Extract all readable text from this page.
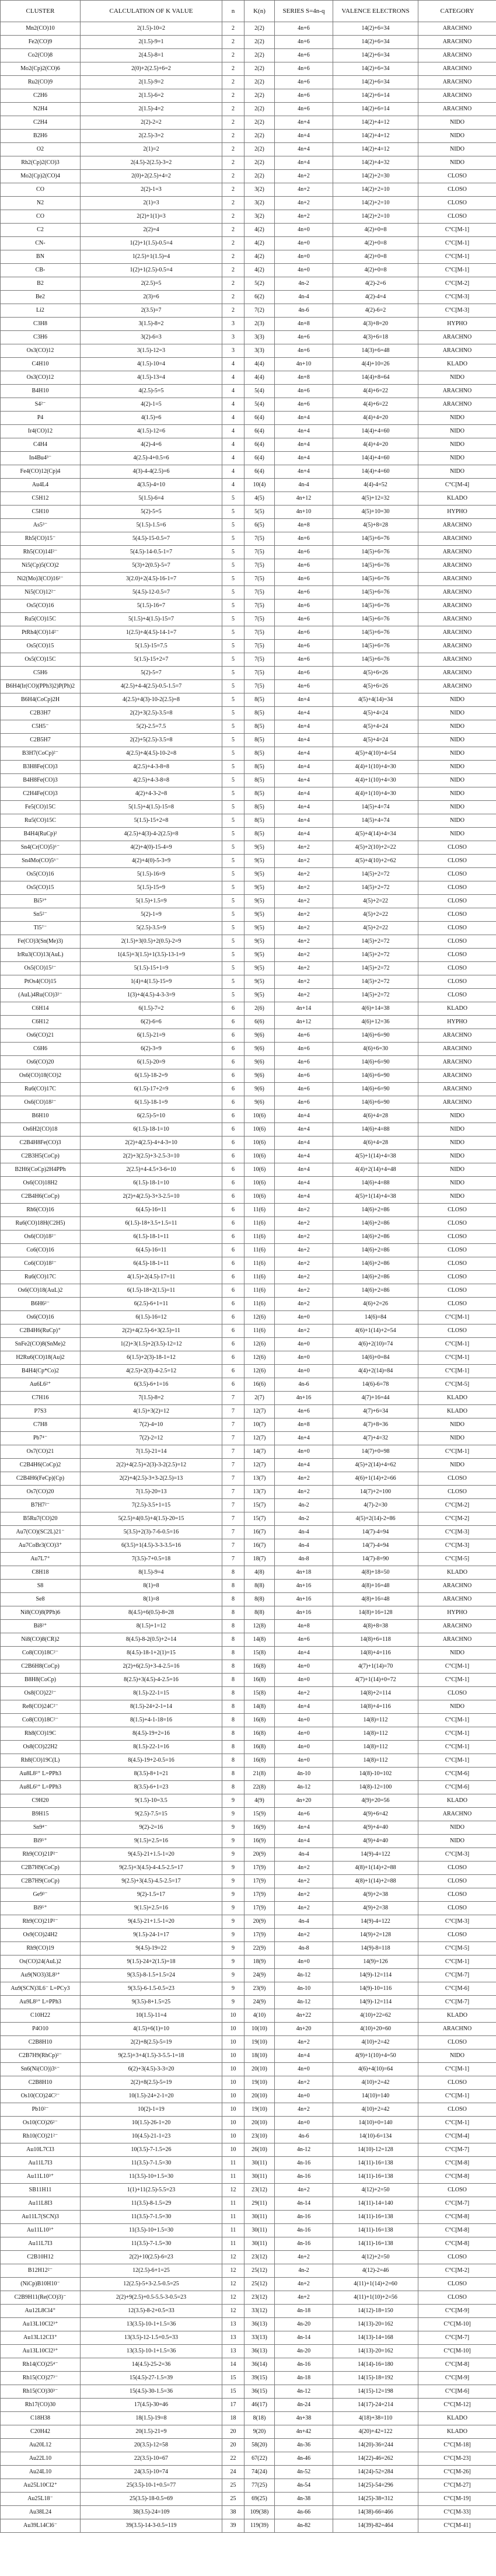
CLUSTER	CALCULATION OF K VALUE	n	K(n)	SERIES S=4n-q	VALENCE ELECTRONS	CATEGORY
Mn2(CO)10	2(1.5)-10=2	2	2(2)	4n+6	14(2)+6=34	ARACHNO
Fe2(CO)9	2(1.5)-9=1	2	2(2)	4n+6	14(2)+6=34	ARACHNO
Co2(CO)8	2(4.5)-8=1	2	2(2)	4n+6	14(2)+6=34	ARACHNO
Mo2(Cp)2(CO)6	2(0)+2(2.5)+6=2	2	2(2)	4n+6	14(2)+6=34	ARACHNO
Ru2(CO)9	2(1.5)-9=2	2	2(2)	4n+6	14(2)+6=34	ARACHNO
C2H6	2(1.5)-6=2	2	2(2)	4n+6	14(2)+6=14	ARACHNO
N2H4	2(1.5)-4=2	2	2(2)	4n+6	14(2)+6=14	ARACHNO
C2H4	2(2)-2=2	2	2(2)	4n+4	14(2)+4=12	NIDO
B2H6	2(2.5)-3=2	2	2(2)	4n+4	14(2)+4=12	NIDO
O2	2(1)=2	2	2(2)	4n+4	14(2)+4=12	NIDO
Rh2(Cp)2(CO)3	2(4.5)-2(2.5)-3=2	2	2(2)	4n+4	14(2)+4=32	NIDO
Mo2(Cp)2(CO)4	2(0)+2(2.5)+4=2	2	2(2)	4n+2	14(2)+2=30	CLOSO
CO	2(2)-1=3	2	3(2)	4n+2	14(2)+2=10	CLOSO
N2	2(1)=3	2	3(2)	4n+2	14(2)+2=10	CLOSO
CO	2(2)+1(1)=3	2	3(2)	4n+2	14(2)+2=10	CLOSO
C2	2(2)=4	2	4(2)	4n+0	4(2)+0=8	C°C[M-1]
CN-	1(2)+1(1.5)-0.5=4	2	4(2)	4n+0	4(2)+0=8	C°C[M-1]
BN	1(2.5)+1(1.5)=4	2	4(2)	4n+0	4(2)+0=8	C°C[M-1]
CB-	1(2)+1(2.5)-0.5=4	2	4(2)	4n+0	4(2)+0=8	C°C[M-1]
B2	2(2.5)=5	2	5(2)	4n-2	4(2)-2=6	C°C[M-2]
Be2	2(3)=6	2	6(2)	4n-4	4(2)-4=4	C°C[M-3]
Li2	2(3.5)=7	2	7(2)	4n-6	4(2)-6=2	C°C[M-3]
C3H8	3(1.5)-8=2	3	2(3)	4n+8	4(3)+8=20	HYPHO
C3H6	3(2)-6=3	3	3(3)	4n+6	4(3)+6=18	ARACHNO
Os3(CO)12	3(1.5)-12=3	3	3(3)	4n+6	14(3)+6=48	ARACHNO
C4H10	4(1.5)-10=4	4	4(4)	4n+10	4(4)+10=26	KLADO
Os3(CO)12	4(1.5)-13=4	4	4(4)	4n+8	14(4)+8=64	NIDO
B4H10	4(2.5)-5=5	4	5(4)	4n+6	4(4)+6=22	ARACHNO
S4²⁻	4(2)-1=5	4	5(4)	4n+6	4(4)+6=22	ARACHNO
P4	4(1.5)=6	4	6(4)	4n+4	4(4)+4=20	NIDO
Ir4(CO)12	4(1.5)-12=6	4	6(4)	4n+4	14(4)+4=60	NIDO
C4H4	4(2)-4=6	4	6(4)	4n+4	4(4)+4=20	NIDO
In4Bu4³⁻	4(2.5)-4+0.5=6	4	6(4)	4n+4	14(4)+4=60	NIDO
Fe4(CO)12(Cp)4	4(3)-4-4(2.5)=6	4	6(4)	4n+4	14(4)+4=60	NIDO
Au4L4	4(3.5)-4=10	4	10(4)	4n-4	4(4)-4=52	C°C[M-4]
C5H12	5(1.5)-6=4	5	4(5)	4n+12	4(5)+12=32	KLADO
C5H10	5(2)-5=5	5	5(5)	4n+10	4(5)+10=30	HYPHO
As5³⁻	5(1.5)-1.5=6	5	6(5)	4n+8	4(5)+8=28	ARACHNO
Rh5(CO)15⁻	5(4.5)-15-0.5=7	5	7(5)	4n+6	14(5)+6=76	ARACHNO
Rh5(CO)14I²⁻	5(4.5)-14-0.5-1=7	5	7(5)	4n+6	14(5)+6=76	ARACHNO
Ni5(Cp)5(CO)2	5(3)+2(0.5)-5=7	5	7(5)	4n+6	14(5)+6=76	ARACHNO
Ni2(Mo)3(CO)16²⁻	3(2.0)+2(4.5)-16-1=7	5	7(5)	4n+6	14(5)+6=76	ARACHNO
Ni5(CO)12²⁻	5(4.5)-12-0.5=7	5	7(5)	4n+6	14(5)+6=76	ARACHNO
Os5(CO)16	5(1.5)-16=7	5	7(5)	4n+6	14(5)+6=76	ARACHNO
Ru5(CO)15C	5(1.5)+4(1.5)-15=7	5	7(5)	4n+6	14(5)+6=76	ARACHNO
PtRh4(CO)14²⁻	1(2.5)+4(4.5)-14-1=7	5	7(5)	4n+6	14(5)+6=76	ARACHNO
Os5(CO)15	5(1.5)-15=7.5	5	7(5)	4n+6	14(5)+6=76	ARACHNO
Os5(CO)15C	5(1.5)-15+2=7	5	7(5)	4n+6	14(5)+6=76	ARACHNO
C5H6	5(2)-5=7	5	7(5)	4n+6	4(5)+6=26	ARACHNO
B6H4(Ir(CO)(PPh3)2)P(Ph)2	4(2.5)+4-4(2.5)-0.5-1.5=7	5	7(5)	4n+6	4(5)+6=26	ARACHNO
B6H4(CoCp)2H	4(2.5)+4(3)-10-2(2.5)=8	5	8(5)	4n+4	4(5)+4(14)=34	NIDO
C2B3H7	2(2)+3(2.5)-3.5=8	5	8(5)	4n+4	4(5)+4=24	NIDO
C5H5⁻	5(2)-2.5=7.5	5	8(5)	4n+4	4(5)+4=24	NIDO
C2B5H7	2(2)+5(2.5)-3.5=8	5	8(5)	4n+4	4(5)+4=24	NIDO
B3H7(CoCp)²⁻	4(2.5)+4(4.5)-10-2=8	5	8(5)	4n+4	4(5)+4(10)+4=54	NIDO
B3H8Fe(CO)3	4(2.5)+4-3-8=8	5	8(5)	4n+4	4(4)+1(10)+4=30	NIDO
B4H8Fe(CO)3	4(2.5)+4-3-8=8	5	8(5)	4n+4	4(4)+1(10)+4=30	NIDO
C2H4Fe(CO)3	4(2)+4-3-2=8	5	8(5)	4n+4	4(4)+1(10)+4=30	NIDO
Fe5(CO)15C	5(1.5)+4(1.5)-15=8	5	8(5)	4n+4	14(5)+4=74	NIDO
Ru5(CO)15C	5(1.5)-15+2=8	5	8(5)	4n+4	14(5)+4=74	NIDO
B4H4(RuCp)²	4(2.5)+4(3)-4-2(2.5)=8	5	8(5)	4n+4	4(5)+4(14)+4=34	NIDO
Sn4(Cr(CO)5)⁶⁻	4(2)+4(0)-15-4=9	5	9(5)	4n+2	4(5)+2(10)+2=22	CLOSO
Sn4Mo(CO)5⁶⁻	4(2)+4(0)-5-3=9	5	9(5)	4n+2	4(5)+4(10)+2=62	CLOSO
Os5(CO)16	5(1.5)-16=9	5	9(5)	4n+2	14(5)+2=72	CLOSO
Os5(CO)15	5(1.5)-15=9	5	9(5)	4n+2	14(5)+2=72	CLOSO
Bi5³⁺	5(1.5)+1.5=9	5	9(5)	4n+2	4(5)+2=22	CLOSO
Sn5²⁻	5(2)-1=9	5	9(5)	4n+2	4(5)+2=22	CLOSO
Tl5⁷⁻	5(2.5)-3.5=9	5	9(5)	4n+2	4(5)+2=22	CLOSO
Fe(CO)3(Sn(Me)3)	2(1.5)+3(0.5)+2(0.5)-2=9	5	9(5)	4n+2	14(5)+2=72	CLOSO
IrRu3(CO)13(AuL)	1(4.5)+3(1.5)+1(3.5)-13-1=9	5	9(5)	4n+2	14(5)+2=72	CLOSO
Os5(CO)15²⁻	5(1.5)-15+1=9	5	9(5)	4n+2	14(5)+2=72	CLOSO
PtOs4(CO)15	1(4)+4(1.5)-15=9	5	9(5)	4n+2	14(5)+2=72	CLOSO
(AuL)4Ru(CO)3²⁻	1(3)+4(4.5)-4-3-3=9	5	9(5)	4n+2	14(5)+2=72	CLOSO
C6H14	6(1.5)-7=2	6	2(6)	4n+14	4(6)+14=38	KLADO
C6H12	6(2)-6=6	6	6(6)	4n+12	4(6)+12=36	HYPHO
Os6(CO)21	6(1.5)-21=9	6	9(6)	4n+6	14(6)+6=90	ARACHNO
C6H6	6(2)-3=9	6	9(6)	4n+6	4(6)+6=30	ARACHNO
Os6(CO)20	6(1.5)-20=9	6	9(6)	4n+6	14(6)+6=90	ARACHNO
Os6(CO)18(CO)2	6(1.5)-18-2=9	6	9(6)	4n+6	14(6)+6=90	ARACHNO
Ru6(CO)17C	6(1.5)-17+2=9	6	9(6)	4n+6	14(6)+6=90	ARACHNO
Os6(CO)18²⁻	6(1.5)-18-1=9	6	9(6)	4n+6	14(6)+6=90	ARACHNO
B6H10	6(2.5)-5=10	6	10(6)	4n+4	4(6)+4=28	NIDO
Os6H2(CO)18	6(1.5)-18-1=10	6	10(6)	4n+4	14(6)+4=88	NIDO
C2B4H8Fe(CO)3	2(2)+4(2.5)-4+4-3=10	6	10(6)	4n+4	4(6)+4=28	NIDO
C2B3H5(CoCp)	2(2)+3(2.5)+3-2.5-3=10	6	10(6)	4n+4	4(5)+1(14)+4=38	NIDO
B2H6(CoCp)2H4PPh	2(2.5)+4-4.5+3-6=10	6	10(6)	4n+4	4(4)+2(14)+4=48	NIDO
Os6(CO)18H2	6(1.5)-18-1=10	6	10(6)	4n+4	14(6)+4=88	NIDO
C2B4H6(CoCp)	2(2)+4(2.5)-3+3-2.5=10	6	10(6)	4n+4	4(5)+1(14)+4=38	NIDO
Rh6(CO)16	6(4.5)-16=11	6	11(6)	4n+2	14(6)+2=86	CLOSO
Ru6(CO)18H(C2H5)	6(1.5)-18+3.5+1.5=11	6	11(6)	4n+2	14(6)+2=86	CLOSO
Os6(CO)18²⁻	6(1.5)-18-1=11	6	11(6)	4n+2	14(6)+2=86	CLOSO
Co6(CO)16	6(4.5)-16=11	6	11(6)	4n+2	14(6)+2=86	CLOSO
Co6(CO)18²⁻	6(4.5)-18-1=11	6	11(6)	4n+2	14(6)+2=86	CLOSO
Ru6(CO)17C	4(1.5)+2(4.5)-17=11	6	11(6)	4n+2	14(6)+2=86	CLOSO
Os6(CO)18(AuL)2	6(1.5)-18+2(1.5)=11	6	11(6)	4n+2	14(6)+2=86	CLOSO
B6H6²⁻	6(2.5)-6+1=11	6	11(6)	4n+2	4(6)+2=26	CLOSO
Os6(CO)16	6(1.5)-16=12	6	12(6)	4n+0	14(6)=84	C°C[M-1]
C2B4H6(RuCp)⁺	2(2)+4(2.5)-6+3(2.5)=11	6	11(6)	4n+2	4(6)+1(14)+2=54	CLOSO
SnFe2(CO)8(SnMe)2	1(2)+3(1.5)+2(3.5)-12=12	6	12(6)	4n+0	4(6)+2(10)=74	C°C[M-1]
H2Ru6(CO)18(Au)2	6(1.5)+2(3)-18-1=12	6	12(6)	4n+0	14(6)+0=84	C°C[M-1]
B4H4(Cp*Co)2	4(2.5)+2(3)-4-2.5=12	6	12(6)	4n+0	4(4)+2(14)=84	C°C[M-1]
Au6L6²⁺	6(3.5)-6+1=16	6	16(6)	4n-6	14(6)-6=78	C°C[M-5]
C7H16	7(1.5)-8=2	7	2(7)	4n+16	4(7)+16=44	KLADO
P7S3	4(1.5)+3(2)=12	7	12(7)	4n+6	4(7)+6=34	KLADO
C7H8	7(2)-4=10	7	10(7)	4n+8	4(7)+8=36	NIDO
Pb7⁴⁻	7(2)-2=12	7	12(7)	4n+4	4(7)+4=32	NIDO
Os7(CO)21	7(1.5)-21=14	7	14(7)	4n+0	14(7)+0=98	C°C[M-1]
C2B4H6(CoCp)2	2(2)+4(2.5)+2(3)-3-2(2.5)=12	7	12(7)	4n+4	4(5)+2(14)+4=62	NIDO
C2B4H6(FeCp)(Cp)	2(2)+4(2.5)-3+3-2(2.5)=13	7	13(7)	4n+2	4(6)+1(14)+2=66	CLOSO
Os7(CO)20	7(1.5)-20=13	7	13(7)	4n+2	14(7)+2=100	CLOSO
B7H7²⁻	7(2.5)-3.5+1=15	7	15(7)	4n-2	4(7)-2=30	C°C[M-2]
B5Ru7(CO)20	5(2.5)+4(0.5)+4(1.5)-20=15	7	15(7)	4n-2	4(5)+2(14)-2=86	C°C[M-2]
Au7(CO)(SC2L)21⁻	5(3.5)+2(3)-7-6-0.5=16	7	16(7)	4n-4	14(7)-4=94	C°C[M-3]
Au7CoBr3(CO)3⁺	6(3.5)+1(4.5)-3-3-3.5=16	7	16(7)	4n-4	14(7)-4=94	C°C[M-3]
Au7L7⁺	7(3.5)-7+0.5=18	7	18(7)	4n-8	14(7)-8=90	C°C[M-5]
C8H18	8(1.5)-9=4	8	4(8)	4n+18	4(8)+18=50	KLADO
S8	8(1)=8	8	8(8)	4n+16	4(8)+16=48	ARACHNO
Se8	8(1)=8	8	8(8)	4n+16	4(8)+16=48	ARACHNO
Ni8(CO)8(PPh)6	8(4.5)+6(0.5)-8=28	8	8(8)	4n+16	14(8)+16=128	HYPHO
Bi8²⁺	8(1.5)+1=12	8	12(8)	4n+8	4(8)+8=38	ARACHNO
Ni8(CO)8(CR)2	8(4.5)-8-2(0.5)+2=14	8	14(8)	4n+6	14(8)+6=118	ARACHNO
Co8(CO)18C²⁻	8(4.5)-18-1+2(1)=15	8	15(8)	4n+4	14(8)+4=116	NIDO
C2B6H8(CoCp)	2(2)+6(2.5)+3-4-2.5=16	8	16(8)	4n+0	4(7)+1(14)=70	C°C[M-1]
B8H8(CoCp)	8(2.5)+3(4.5)-4-2.5=16	8	16(8)	4n+0	4(7)+1(14)+0=72	C°C[M-1]
Os8(CO)22²⁻	8(1.5)-22-1=15	8	15(8)	4n+2	14(8)+2=114	CLOSO
Re8(CO)24C²⁻	8(1.5)-24+2-1=14	8	14(8)	4n+4	14(8)+4=116	NIDO
Co8(CO)18C²⁻	8(1.5)+4-1-18=16	8	16(8)	4n+0	14(8)=112	C°C[M-1]
Rh8(CO)19C	8(4.5)-19+2=16	8	16(8)	4n+0	14(8)=112	C°C[M-1]
Os8(CO)22H2	8(1.5)-22-1=16	8	16(8)	4n+0	14(8)=112	C°C[M-1]
Rh8(CO)19C(L)	8(4.5)-19+2-0.5=16	8	16(8)	4n+0	14(8)=112	C°C[M-1]
Au8L8²⁺ L=PPh3	8(3.5)-8+1=21	8	21(8)	4n-10	14(8)-10=102	C°C[M-6]
Au8L6²⁺ L=PPh3	8(3.5)-6+1=23	8	22(8)	4n-12	14(8)-12=100	C°C[M-6]
C9H20	9(1.5)-10=3.5	9	4(9)	4n+20	4(9)+20=56	KLADO
B9H15	9(2.5)-7.5=15	9	15(9)	4n+6	4(9)+6=42	ARACHNO
Sn9⁴⁻	9(2)-2=16	9	16(9)	4n+4	4(9)+4=40	NIDO
Bi9⁵⁺	9(1.5)+2.5=16	9	16(9)	4n+4	4(9)+4=40	NIDO
Rh9(CO)21P²⁻	9(4.5)-21+1.5-1=20	9	20(9)	4n-4	14(9)-4=122	C°C[M-3]
C2B7H9(CoCp)	9(2.5)+3(4.5)-4-4.5-2.5=17	9	17(9)	4n+2	4(8)+1(14)+2=88	CLOSO
C2B7H9(CoCp)	9(2.5)+3(4.5)-4.5-2.5=17	9	17(9)	4n+2	4(8)+1(14)+2=88	CLOSO
Ge9³⁻	9(2)-1.5=17	9	17(9)	4n+2	4(9)+2=38	CLOSO
Bi9⁵⁺	9(1.5)+2.5=16	9	17(9)	4n+2	4(9)+2=38	CLOSO
Rh9(CO)21P²⁻	9(4.5)-21+1.5-1=20	9	20(9)	4n-4	14(9)-4=122	C°C[M-3]
Os9(CO)24H2	9(1.5)-24-1=17	9	17(9)	4n+2	14(9)+2=128	CLOSO
Rh9(CO)19	9(4.5)-19=22	9	22(9)	4n-8	14(9)-8=118	C°C[M-5]
Os(CO)24(AuL)2	9(1.5)-24+2(1.5)=18	9	18(9)	4n+0	14(9)=126	C°C[M-1]
Au9(NO3)3L8³⁺	9(3.5)-8-1.5+1.5=24	9	24(9)	4n-12	14(9)-12=114	C°C[M-7]
Au9(SCN)3L6⁻ L=PCy3	9(3.5)-6-1.5-0.5=23	9	23(9)	4n-10	14(9)-10=116	C°C[M-6]
Au9L8³⁺ L=PPh3	9(3.5)-8+1.5=25	9	24(9)	4n-12	14(9)-12=114	C°C[M-7]
C10H22	10(1.5)-11=4	10	4(10)	4n+22	4(10)+22=62	KLADO
P4O10	4(1.5)+6(1)=10	10	10(10)	4n+20	4(10)+20=60	ARACHNO
C2B8H10	2(2)+8(2.5)-5=19	10	19(10)	4n+2	4(10)+2=42	CLOSO
C2B7H9(RhCp)²⁻	9(2.5)+3+4(1.5)-3-5.5-1=18	10	18(10)	4n+4	4(9)+1(10)+4=50	NIDO
Sn6(Ni(CO))3⁶⁻	6(2)+3(4.5)-3-3=20	10	20(10)	4n+0	4(6)+4(10)=64	C°C[M-1]
C2B8H10	2(2)+8(2.5)-5=19	10	19(10)	4n+2	4(10)+2=42	CLOSO
Os10(CO)24C²⁻	10(1.5)-24+2-1=20	10	20(10)	4n+0	14(10)=140	C°C[M-1]
Pb10²⁻	10(2)-1=19	10	19(10)	4n+2	4(10)+2=42	CLOSO
Os10(CO)26²⁻	10(1.5)-26-1=20	10	20(10)	4n+0	14(10)+0=140	C°C[M-1]
Rh10(CO)21²⁻	10(4.5)-21-1=23	10	23(10)	4n-6	14(10)-6=134	C°C[M-4]
Au10L7Cl3	10(3.5)-7-1.5=26	10	26(10)	4n-12	14(10)-12=128	C°C[M-7]
Au11L7I3	11(3.5)-7-1.5=30	11	30(11)	4n-16	14(11)-16=138	C°C[M-8]
Au11L10³⁺	11(3.5)-10+1.5=30	11	30(11)	4n-16	14(11)-16=138	C°C[M-8]
SB11H11	1(1)+11(2.5)-5.5=23	12	23(12)	4n+2	4(12)+2=50	CLOSO
Au11L8I3	11(3.5)-8-1.5=29	11	29(11)	4n-14	14(11)-14=140	C°C[M-7]
Au11L7(SCN)3	11(3.5)-7-1.5=30	11	30(11)	4n-16	14(11)-16=138	C°C[M-8]
Au11L10³⁺	11(3.5)-10+1.5=30	11	30(11)	4n-16	14(11)-16=138	C°C[M-8]
Au11L7I3	11(3.5)-7-1.5=30	11	30(11)	4n-16	14(11)-16=138	C°C[M-8]
C2B10H12	2(2)+10(2.5)-6=23	12	23(12)	4n+2	4(12)+2=50	CLOSO
B12H12²⁻	12(2.5)-6+1=25	12	25(12)	4n-2	4(12)-2=46	C°C[M-2]
(NiCp)B10H10⁻	12(2.5)-5+3-2.5-0.5=25	12	25(12)	4n+2	4(11)+1(14)+2=60	CLOSO
C2B9H11(Re(CO)3)⁻	2(2)+9(2.5)+0.5-5.5-3-0.5=23	12	23(12)	4n+2	4(11)+1(10)+2=56	CLOSO
Au12L8Cl4⁺	12(3.5)-8-2+0.5=33	12	33(12)	4n-18	14(12)-18=150	C°C[M-9]
Au13L10Cl2³⁺	13(3.5)-10-1+1.5=36	13	36(13)	4n-20	14(13)-20=162	C°C[M-10]
Au13L12Cl3⁺	13(3.5)-12-1.5+0.5=33	13	33(13)	4n-14	14(13)-14=168	C°C[M-7]
Au13L10Cl2³⁺	13(3.5)-10-1+1.5=36	13	36(13)	4n-20	14(13)-20=162	C°C[M-10]
Rh14(CO)25⁴⁻	14(4.5)-25-2=36	14	36(14)	4n-16	14(14)-16=180	C°C[M-8]
Rh15(CO)27³⁻	15(4.5)-27-1.5=39	15	39(15)	4n-18	14(15)-18=192	C°C[M-9]
Rh15(CO)30³⁻	15(4.5)-30-1.5=36	15	36(15)	4n-12	14(15)-12=198	C°C[M-6]
Rh17(CO)30	17(4.5)-30=46	17	46(17)	4n-24	14(17)-24=214	C°C[M-12]
C18H38	18(1.5)-19=8	18	8(18)	4n+38	4(18)+38=110	KLADO
C20H42	20(1.5)-21=9	20	9(20)	4n+42	4(20)+42=122	KLADO
Au20L12	20(3.5)-12=58	20	58(20)	4n-36	14(20)-36=244	C°C[M-18]
Au22L10	22(3.5)-10=67	22	67(22)	4n-46	14(22)-46=262	C°C[M-23]
Au24L10	24(3.5)-10=74	24	74(24)	4n-52	14(24)-52=284	C°C[M-26]
Au25L10Cl2⁺	25(3.5)-10-1+0.5=77	25	77(25)	4n-54	14(25)-54=296	C°C[M-27]
Au25L18⁻	25(3.5)-18-0.5=69	25	69(25)	4n-38	14(25)-38=312	C°C[M-19]
Au38L24	38(3.5)-24=109	38	109(38)	4n-66	14(38)-66=466	C°C[M-33]
Au39L14Cl6⁻	39(3.5)-14-3-0.5=119	39	119(39)	4n-82	14(39)-82=464	C°C[M-41]
